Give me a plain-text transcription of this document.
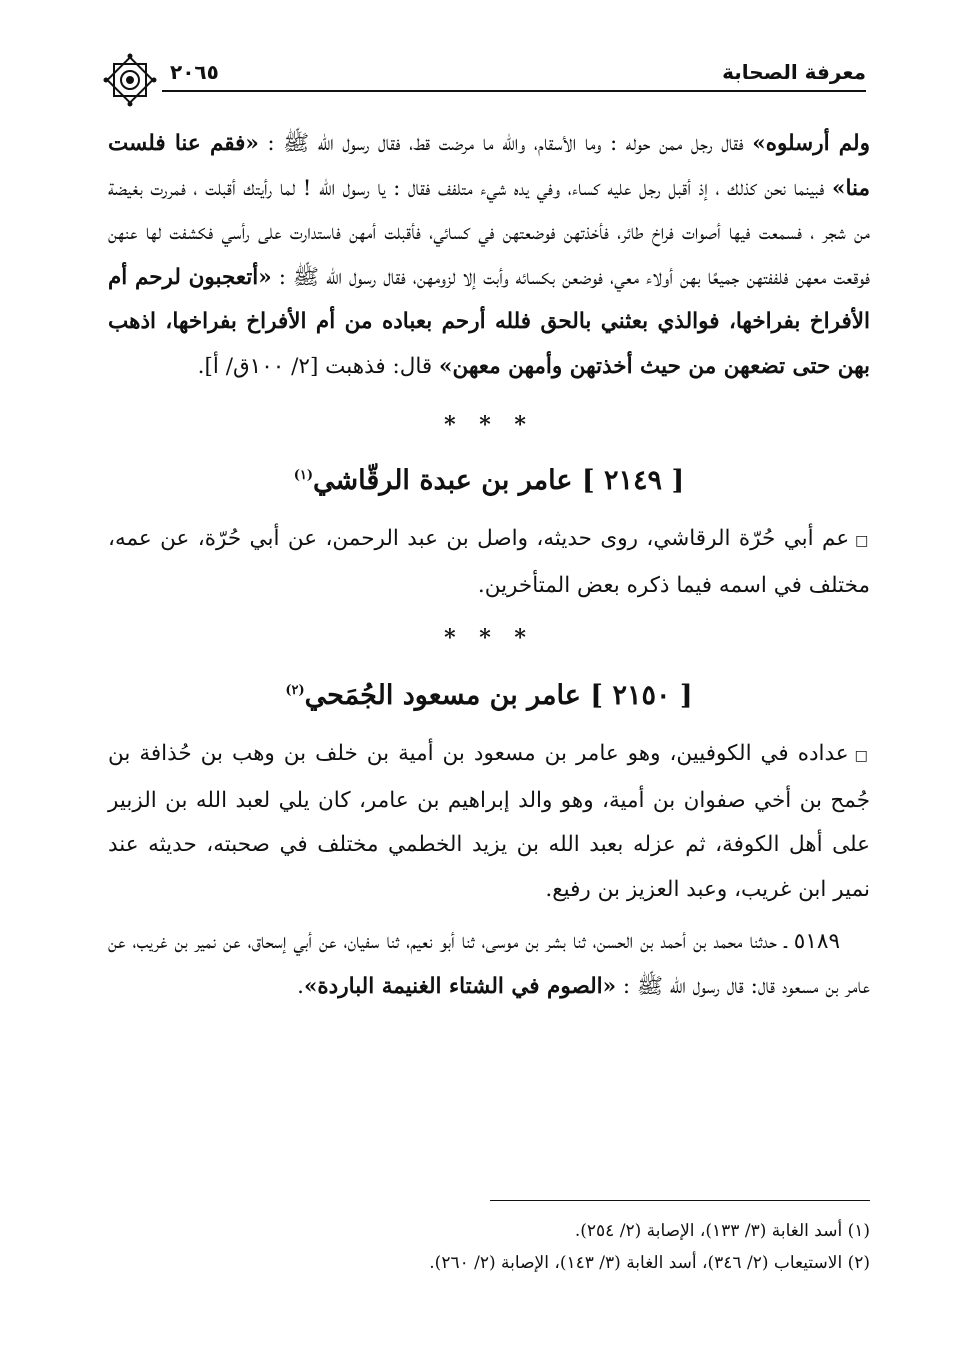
معرفة الصحابة
٢٠٦٥

ولم أرسلوه» فقال رجل ممن حوله : وما الأسقام، والله ما مرضت قط، فقال رسول الله ﷺ : «فقم عنا فلست منا» فبينما نحن كذلك ، إذ أقبل رجل عليه كساء، وفي يده شيء متلفف فقال : يا رسول الله ! لما رأيتك أقبلت ، فمررت بغيضة من شجر ، فسمعت فيها أصوات فراخ طائر، فأخذتهن فوضعتهن في كسائي، فأقبلت أمهن فاستدارت على رأسي فكشفت لها عنهن فوقعت معهن فلففتهن جميعًا بهن أولاء معي، فوضعن بكسائه وأبت إلا لزومهن، فقال رسول الله ﷺ : «أتعجبون لرحم أم الأفراخ بفراخها، فوالذي بعثني بالحق فلله أرحم بعباده من أم الأفراخ بفراخها، اذهب بهن حتى تضعهن من حيث أخذتهن وأمهن معهن» قال: فذهبت [٢/ ١٠٠ق/ أ].

* * *

[ ٢١٤٩ ] عامر بن عبدة الرقّاشي$^{(١)}$

□عم أبي حُرّة الرقاشي، روى حديثه، واصل بن عبد الرحمن، عن أبي حُرّة، عن عمه، مختلف في اسمه فيما ذكره بعض المتأخرين.

* * *

[ ٢١٥٠ ] عامر بن مسعود الجُمَحي$^{(٢)}$

□عداده في الكوفيين، وهو عامر بن مسعود بن أمية بن خلف بن وهب بن حُذافة بن جُمح بن أخي صفوان بن أمية، وهو والد إبراهيم بن عامر، كان يلي لعبد الله بن الزبير على أهل الكوفة، ثم عزله بعبد الله بن يزيد الخطمي مختلف في صحبته، حديثه عند نمير ابن غريب، وعبد العزيز بن رفيع.

٥١٨٩ ـ حدثنا محمد بن أحمد بن الحسن، ثنا بشر بن موسى، ثنا أبو نعيم، ثنا سفيان، عن أبي إسحاق، عن نمير بن غريب، عن عامر بن مسعود قال: قال رسول الله ﷺ : «الصوم في الشتاء الغنيمة الباردة».

(١) أسد الغابة (٣/ ١٣٣)، الإصابة (٢/ ٢٥٤).

(٢) الاستيعاب (٢/ ٣٤٦)، أسد الغابة (٣/ ١٤٣)، الإصابة (٢/ ٢٦٠).
